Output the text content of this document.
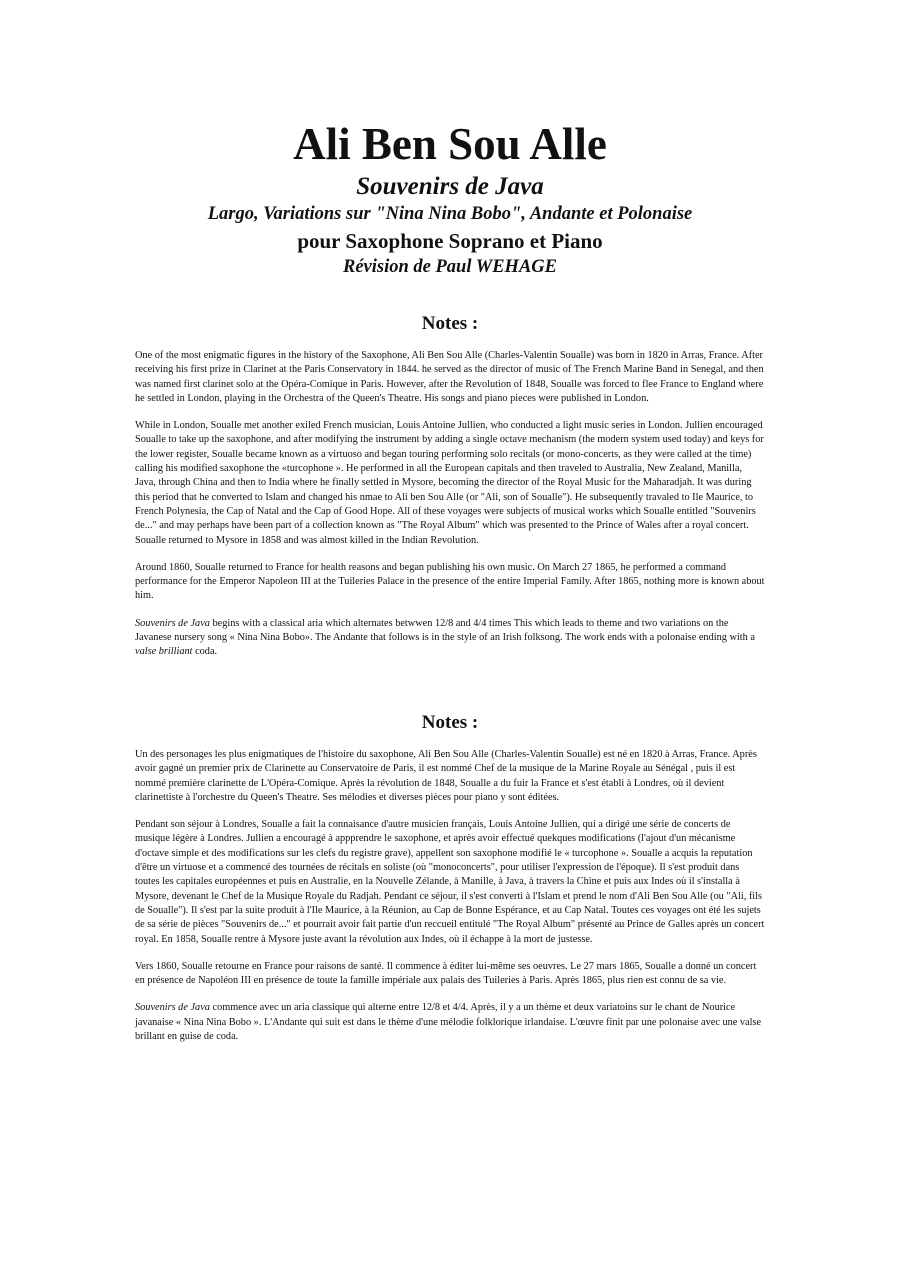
Ali Ben Sou Alle
Souvenirs de Java
Largo, Variations sur "Nina Nina Bobo", Andante et Polonaise
pour Saxophone Soprano et Piano
Révision de Paul WEHAGE
Notes :

One of the most enigmatic figures in the history of the Saxophone, Ali Ben Sou Alle (Charles-Valentin Soualle) was born in 1820 in Arras, France. After receiving his first prize in Clarinet at the Paris Conservatory in 1844. he served as the director of music of The French Marine Band in Senegal, and then was named first clarinet solo at the Opéra-Comique in Paris. However, after the Revolution of 1848, Soualle was forced to flee France to England where he settled in London, playing in the Orchestra of the Queen's Theatre. His songs and piano pieces were published in London.

While in London, Soualle met another exiled French musician, Louis Antoine Jullien, who conducted a light music series in London. Jullien encouraged Soualle to take up the saxophone, and after modifying the instrument by adding a single octave mechanism (the modern system used today) and keys for the lower register, Soualle became known as a virtuoso and began touring performing solo recitals (or mono-concerts, as they were called at the time) calling his modified saxophone the «turcophone ». He performed in all the European capitals and then traveled to Australia, New Zealand, Manilla, Java, through China and then to India where he finally settled in Mysore, becoming the director of the Royal Music for the Maharadjah. It was during this period that he converted to Islam and changed his nmae to Ali ben Sou Alle (or "Ali, son of Soualle"). He subsequently travaled to Ile Maurice, to French Polynesia, the Cap of Natal and the Cap of Good Hope. All of these voyages were subjects of musical works which Soualle entitled "Souvenirs de..." and may perhaps have been part of a collection known as "The Royal Album" which was presented to the Prince of Wales after a royal concert. Soualle returned to Mysore in 1858 and was almost killed in the Indian Revolution.

Around 1860, Soualle returned to France for health reasons and began publishing his own music. On March 27 1865, he performed a command performance for the Emperor Napoleon III at the Tuileries Palace in the presence of the entire Imperial Family. After 1865, nothing more is known about him.

Souvenirs de Java begins with a classical aria which alternates betwwen 12/8 and 4/4 times This which leads to theme and two variations on the Javanese nursery song « Nina Nina Bobo». The Andante that follows is in the style of an Irish folksong. The work ends with a polonaise ending with a valse brilliant coda.

Notes :

Un des personages les plus enigmatiques de l'histoire du saxophone, Ali Ben Sou Alle (Charles-Valentin Soualle) est né en 1820 à Arras, France. Après avoir gagné un premier prix de Clarinette au Conservatoire de Paris, il est nommé Chef de la musique de la Marine Royale au Sénégal , puis il est nommé première clarinette de L'Opéra-Comique. Après la révolution de 1848, Soualle a du fuir la France et s'est établi à Londres, où il devient clarinettiste à l'orchestre du Queen's Theatre. Ses mélodies et diverses pièces pour piano y sont éditées.

Pendant son séjour à Londres, Soualle a fait la connaisance d'autre musicien français, Louis Antoine Jullien, qui a dirigé une série de concerts de musique légère à Londres. Jullien a encouragé à appprendre le saxophone, et après avoir effectué quekques modifications (l'ajout d'un mécanisme d'octave simple et des modifications sur les clefs du registre grave), appellent son saxophone modifié le « turcophone ». Soualle a acquis la reputation d'être un virtuose et a commencé des tournées de récitals en soliste (où "monoconcerts", pour utiliser l'expression de l'époque). Il s'est produit dans toutes les capitales européennes et puis en Australie, en la Nouvelle Zélande, à Manille, à Java, à travers la Chine et puis aux Indes où il s'installa à Mysore, devenant le Chef de la Musique Royale du Radjah. Pendant ce séjour, il s'est converti à l'Islam et prend le nom d'Ali Ben Sou Alle (ou "Ali, fils de Soualle"). Il s'est par la suite produit à l'Ile Maurice, à la Réunion, au Cap de Bonne Espérance, et au Cap Natal. Toutes ces voyages ont été les sujets de sa série de pièces "Souvenirs de..." et pourrait avoir fait partie d'un reccueil entitulé "The Royal Album" présenté au Prince de Galles après un concert royal. En 1858, Soualle rentre à Mysore juste avant la révolution aux Indes, où il échappe à la mort de justesse.

Vers 1860, Soualle retourne en France pour raisons de santé. Il commence à éditer lui-même ses oeuvres. Le 27 mars 1865, Soualle a donné un concert en présence de Napoléon III en présence de toute la famille impériale aux palais des Tuileries à Paris. Après 1865, plus rien est connu de sa vie.

Souvenirs de Java commence avec un aria classique qui alterne entre 12/8 et 4/4. Après, il y a un thème et deux variatoins sur le chant de Nourice javanaise « Nina Nina Bobo ». L'Andante qui suit est dans le thème d'une mélodie folklorique irlandaise. L'œuvre finit par une polonaise avec une valse brillant en guise de coda.
